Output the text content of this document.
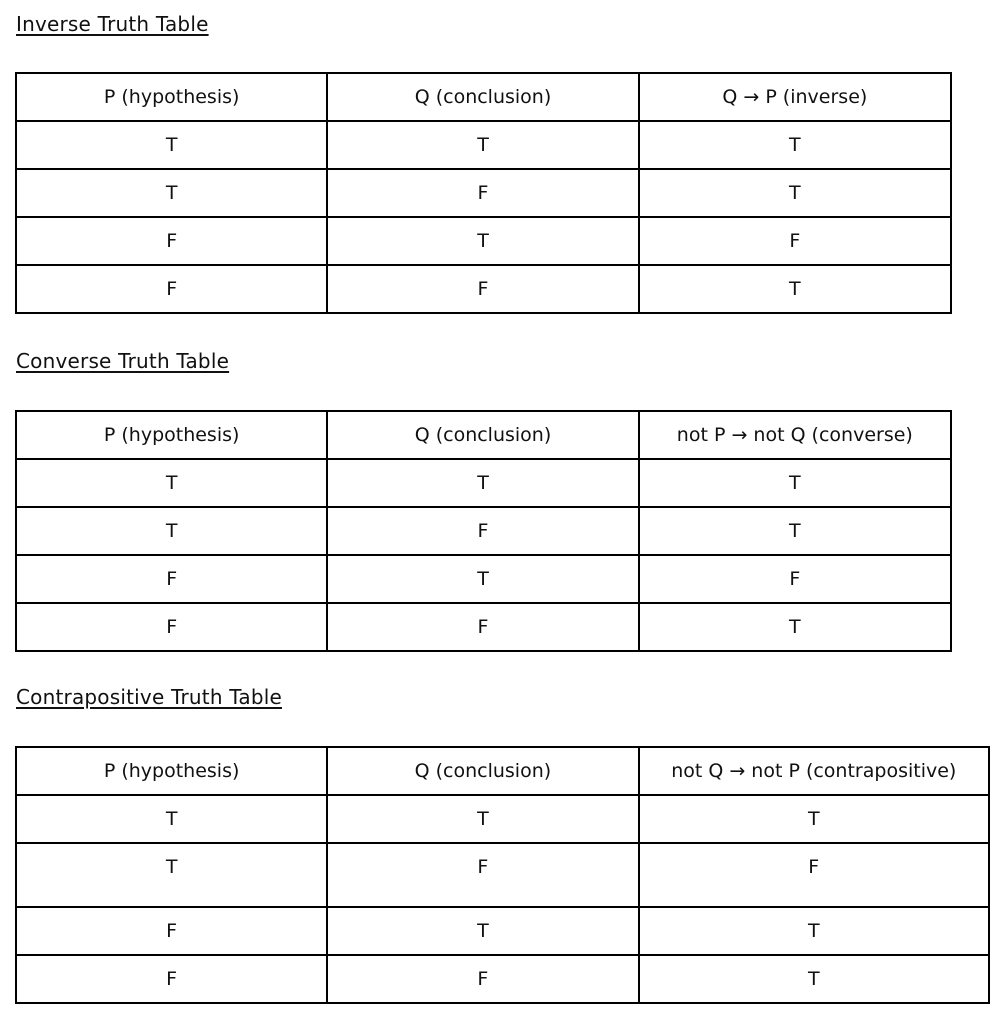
Inverse Truth Table
P (hypothesis)	Q (conclusion)	Q → P (inverse)
T	T	T
T	F	T
F	T	F
F	F	T
Converse Truth Table
P (hypothesis)	Q (conclusion)	not P → not Q (converse)
T	T	T
T	F	T
F	T	F
F	F	T
Contrapositive Truth Table
P (hypothesis)	Q (conclusion)	not Q → not P (contrapositive)
T	T	T
T	F	F
F	T	T
F	F	T
